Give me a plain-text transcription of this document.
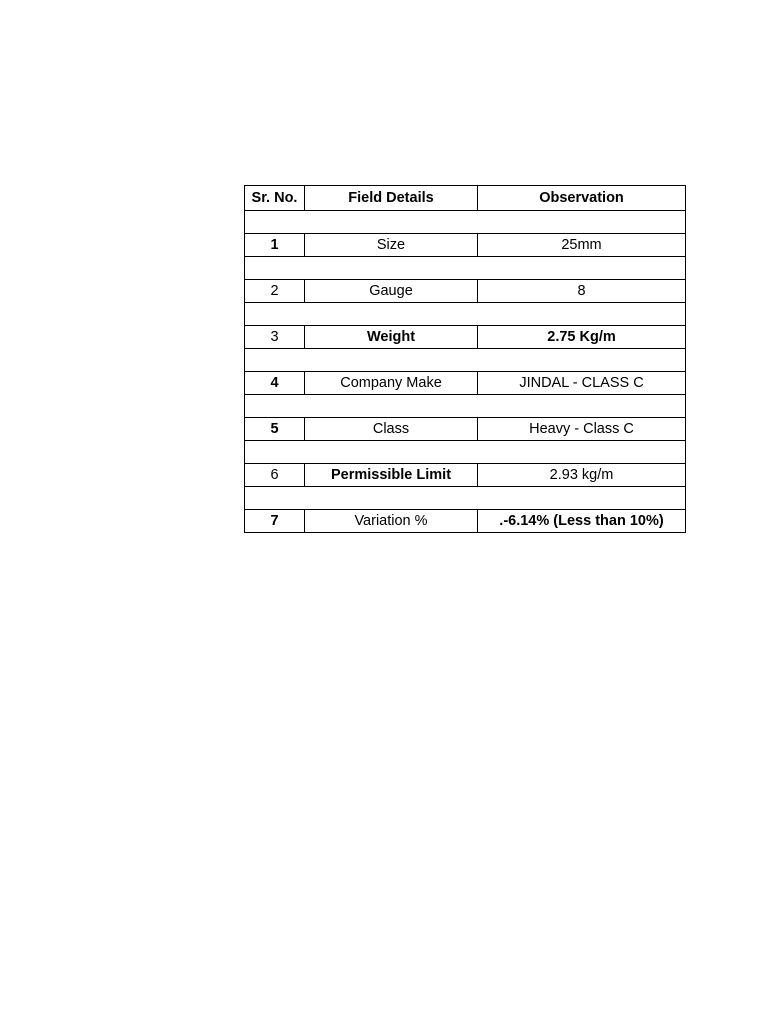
Sr. No.	Field Details	Observation

1	Size	25mm

2	Gauge	8

3	Weight	2.75 Kg/m

4	Company Make	JINDAL - CLASS C

5	Class	Heavy - Class C

6	Permissible Limit	2.93 kg/m

7	Variation %	.-6.14% (Less than 10%)
